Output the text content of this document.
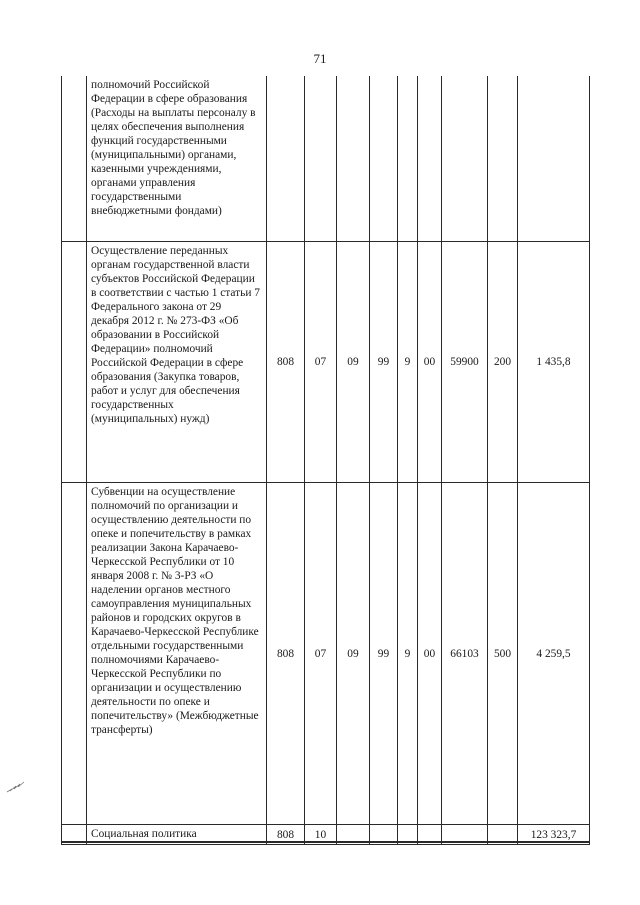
71
	полномочий Российской Федерации в сфере образования (Расходы на выплаты персоналу в целях обеспечения выполнения функций государственными (муниципальными) органами, казенными учреждениями, органами управления государственными внебюджетными фондами)									
	Осуществление переданных органам государственной власти субъектов Российской Федерации в соответствии с частью 1 статьи 7 Федерального закона от 29 декабря 2012 г. № 273-ФЗ «Об образовании в Российской Федерации» полномочий Российской Федерации в сфере образования (Закупка товаров, работ и услуг для обеспечения государственных (муниципальных) нужд)	808	07	09	99	9	00	59900	200	1 435,8
	Субвенции на осуществление полномочий по организации и осуществлению деятельности по опеке и попечительству в рамках реализации Закона Карачаево-Черкесской Республики от 10 января 2008 г. № 3-РЗ «О наделении органов местного самоуправления муниципальных районов и городских округов в Карачаево-Черкесской Республике отдельными государственными полномочиями Карачаево-Черкесской Республики по организации и осуществлению деятельности по опеке и попечительству» (Межбюджетные трансферты)	808	07	09	99	9	00	66103	500	4 259,5
	Социальная политика	808	10							123 323,7
